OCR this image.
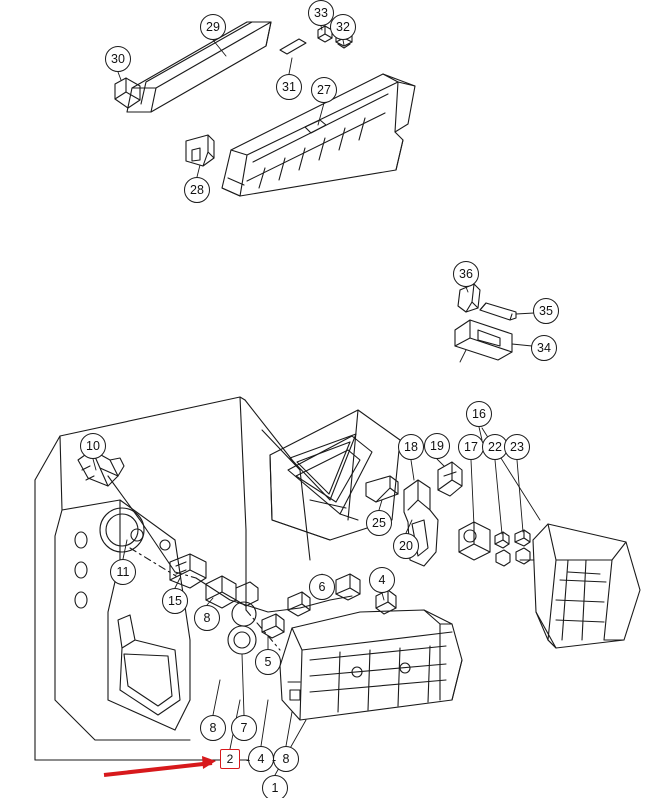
29
33
32
30
31	27
28
36
35
34
16
18 19	17 22 23
10
25
20
11
15
8
6	4
5
8	7
2	4	8
1
- -
